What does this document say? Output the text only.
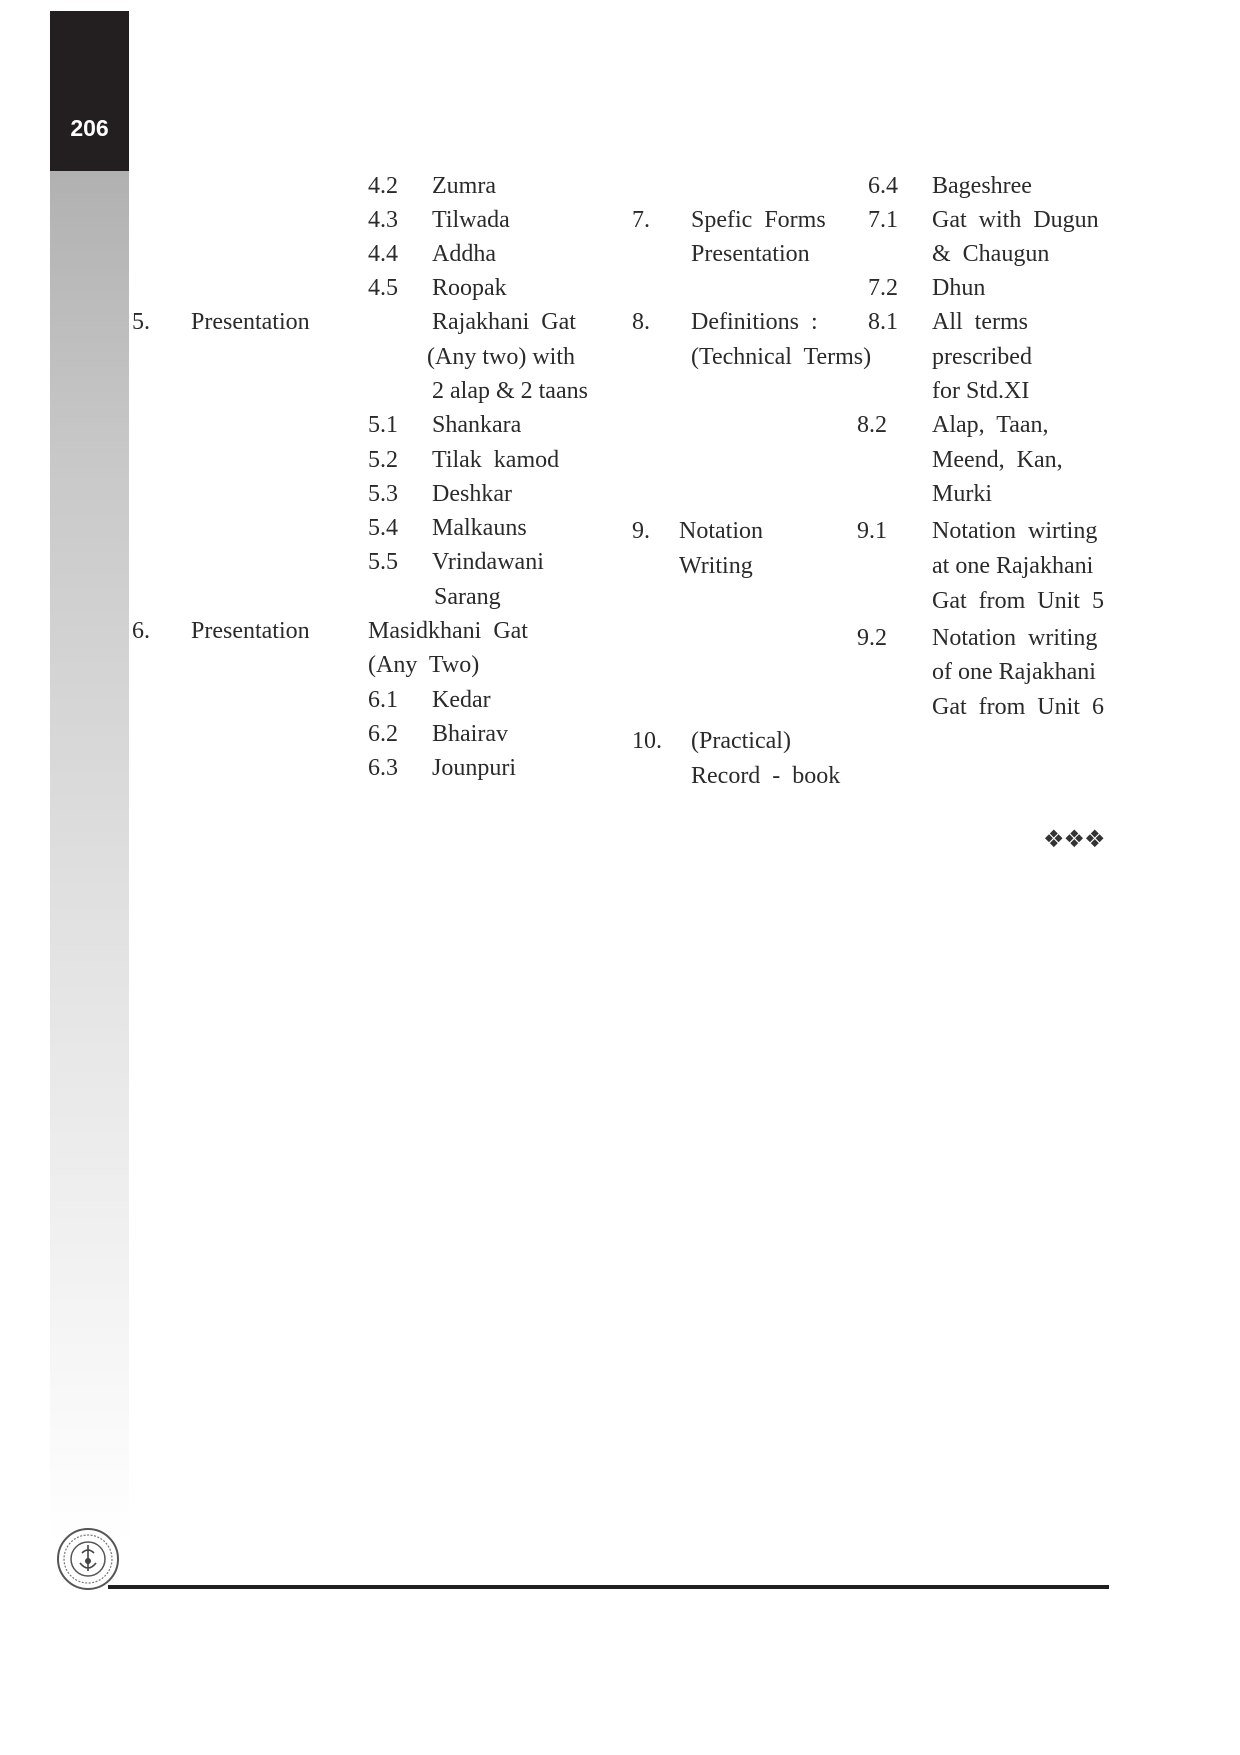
206
4.2 Zumra
4.3 Tilwada
4.4 Addha
4.5 Roopak
5. Presentation	Rajakhani  Gat
(Any two) with
2 alap & 2 taans
5.1 Shankara
5.2 Tilak  kamod
5.3 Deshkar
5.4 Malkauns
5.5 Vrindawani
Sarang
6. Presentation Masidkhani  Gat
(Any  Two)
6.1 Kedar
6.2 Bhairav
6.3 Jounpuri
6.4 Bageshree
7. Spefic  Forms
Presentation
7.1 Gat  with  Dugun
&  Chaugun
7.2 Dhun
8. Definitions  :
(Technical  Terms)
8.1 All  terms
prescribed
for Std.XI
8.2 Alap,  Taan,
Meend,  Kan,
Murki
9. Notation
Writing
9.1 Notation  wirting
at one Rajakhani
Gat  from  Unit  5
9.2 Notation  writing
of one Rajakhani
Gat  from  Unit  6
10. (Practical)
Record  -  book
❖❖❖
